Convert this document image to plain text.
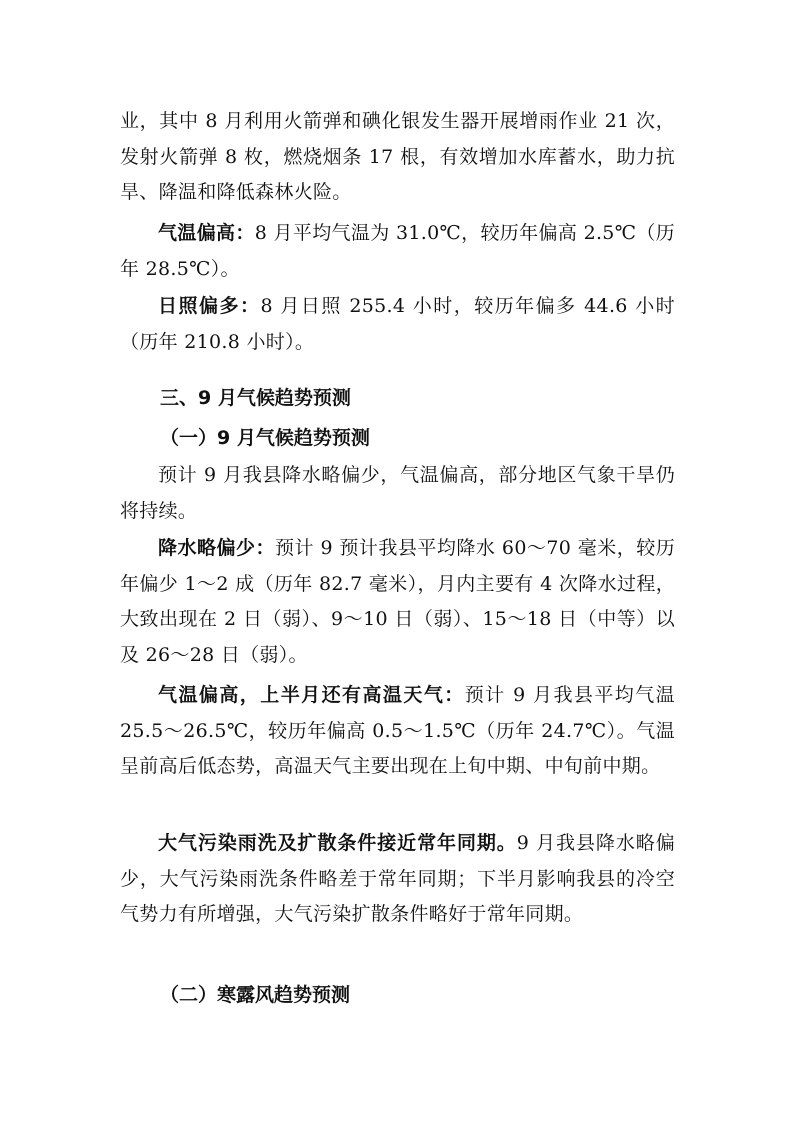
业，其中 8 月利用火箭弹和碘化银发生器开展增雨作业 21 次，发射火箭弹 8 枚，燃烧烟条 17 根，有效增加水库蓄水，助力抗旱、降温和降低森林火险。

气温偏高：8 月平均气温为 31.0℃，较历年偏高 2.5℃（历年 28.5℃）。

日照偏多：8 月日照 255.4 小时，较历年偏多 44.6 小时（历年 210.8 小时）。

三、9 月气候趋势预测
（一）9 月气候趋势预测

预计 9 月我县降水略偏少，气温偏高，部分地区气象干旱仍将持续。

降水略偏少：预计 9 预计我县平均降水 60～70 毫米，较历年偏少 1～2 成（历年 82.7 毫米），月内主要有 4 次降水过程，大致出现在 2 日（弱）、9～10 日（弱）、15～18 日（中等）以及 26～28 日（弱）。

气温偏高，上半月还有高温天气：预计 9 月我县平均气温 25.5～26.5℃，较历年偏高 0.5～1.5℃（历年 24.7℃）。气温呈前高后低态势，高温天气主要出现在上旬中期、中旬前中期。

大气污染雨洗及扩散条件接近常年同期。9 月我县降水略偏少，大气污染雨洗条件略差于常年同期；下半月影响我县的冷空气势力有所增强，大气污染扩散条件略好于常年同期。

（二）寒露风趋势预测
